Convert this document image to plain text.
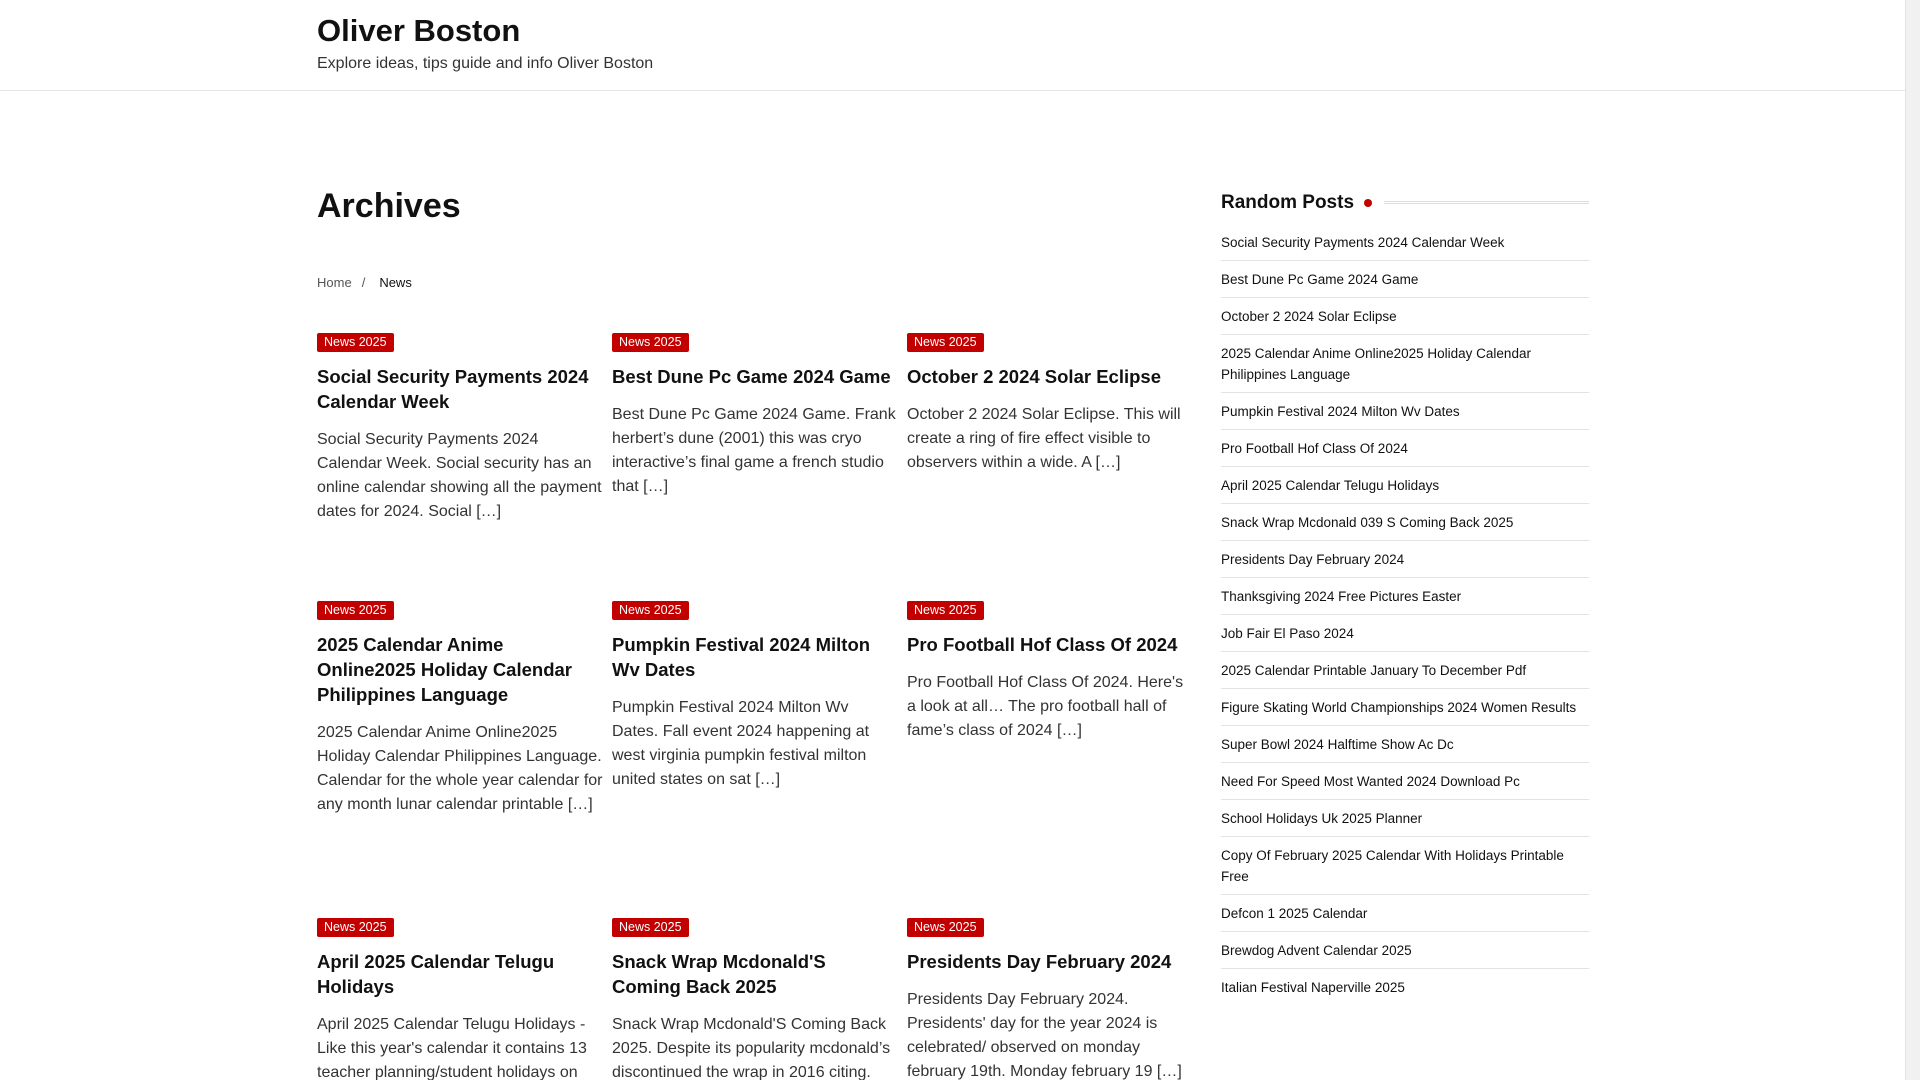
Oliver Boston
Explore ideas, tips guide and info Oliver Boston
Archives
Home / News
News 2025
Social Security Payments 2024 Calendar Week

Social Security Payments 2024 Calendar Week. Social security has an online calendar showing all the payment dates for 2024. Social […]

News 2025
Best Dune Pc Game 2024 Game

Best Dune Pc Game 2024 Game. Frank herbert’s dune (2001) this was cryo interactive’s final game a french studio that […]

News 2025
October 2 2024 Solar Eclipse

October 2 2024 Solar Eclipse. This will create a ring of fire effect visible to observers within a wide. A […]

News 2025
2025 Calendar Anime Online2025 Holiday Calendar Philippines Language

2025 Calendar Anime Online2025 Holiday Calendar Philippines Language. Calendar for the whole year calendar for any month lunar calendar printable […]

News 2025
Pumpkin Festival 2024 Milton Wv Dates

Pumpkin Festival 2024 Milton Wv Dates. Fall event 2024 happening at west virginia pumpkin festival milton united states on sat […]

News 2025
Pro Football Hof Class Of 2024

Pro Football Hof Class Of 2024. Here's a look at all… The pro football hall of fame’s class of 2024 […]

News 2025
April 2025 Calendar Telugu Holidays

April 2025 Calendar Telugu Holidays - Like this year's calendar it contains 13 teacher planning/student holidays on

News 2025
Snack Wrap Mcdonald'S Coming Back 2025

Snack Wrap Mcdonald'S Coming Back 2025. Despite its popularity mcdonald’s discontinued the wrap in 2016 citing.

News 2025
Presidents Day February 2024

Presidents Day February 2024. Presidents' day for the year 2024 is celebrated/ observed on monday february 19th. Monday february 19 […]

Random Posts
Social Security Payments 2024 Calendar Week
Best Dune Pc Game 2024 Game
October 2 2024 Solar Eclipse
2025 Calendar Anime Online2025 Holiday Calendar Philippines Language
Pumpkin Festival 2024 Milton Wv Dates
Pro Football Hof Class Of 2024
April 2025 Calendar Telugu Holidays
Snack Wrap Mcdonald 039 S Coming Back 2025
Presidents Day February 2024
Thanksgiving 2024 Free Pictures Easter
Job Fair El Paso 2024
2025 Calendar Printable January To December Pdf
Figure Skating World Championships 2024 Women Results
Super Bowl 2024 Halftime Show Ac Dc
Need For Speed Most Wanted 2024 Download Pc
School Holidays Uk 2025 Planner
Copy Of February 2025 Calendar With Holidays Printable Free
Defcon 1 2025 Calendar
Brewdog Advent Calendar 2025
Italian Festival Naperville 2025
